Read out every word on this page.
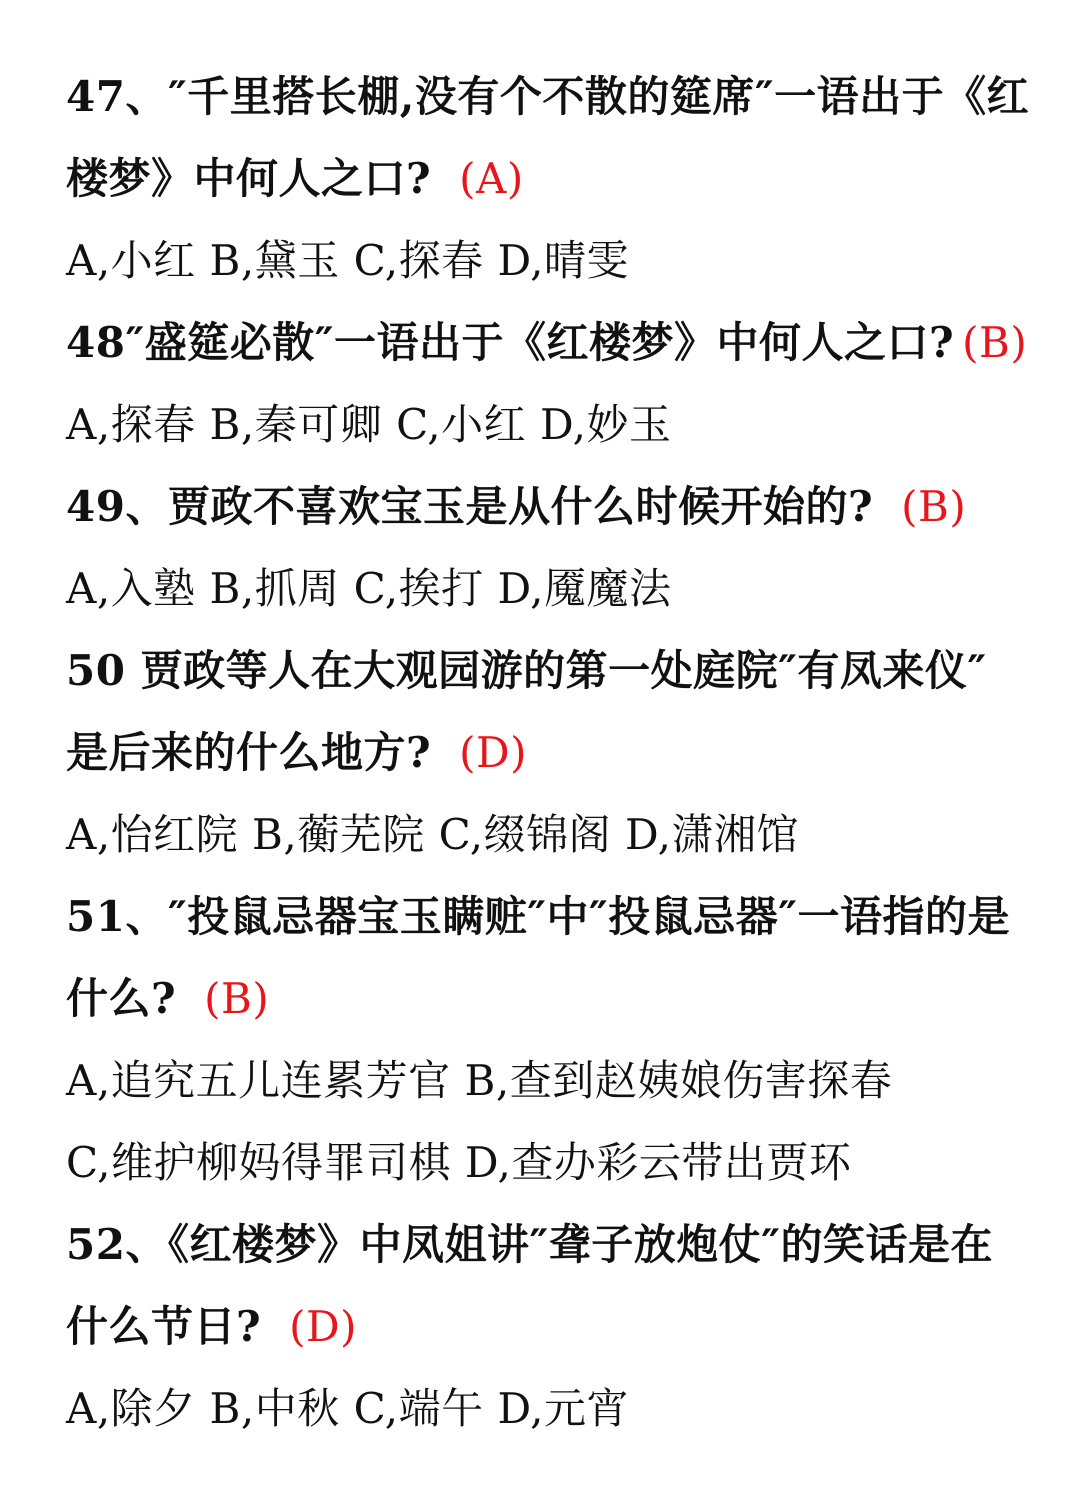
47、″千里搭长棚,没有个不散的筵席″一语出于《红
楼梦》中何人之口? (A)
A,小红 B,黛玉 C,探春 D,晴雯
48″盛筵必散″一语出于《红楼梦》中何人之口? (B)
A,探春 B,秦可卿 C,小红 D,妙玉
49、贾政不喜欢宝玉是从什么时候开始的? (B)
A,入塾 B,抓周 C,挨打 D,魇魔法
50 贾政等人在大观园游的第一处庭院″有凤来仪″
是后来的什么地方? (D)
A,怡红院 B,蘅芜院 C,缀锦阁 D,潇湘馆
51、″投鼠忌器宝玉瞒赃″中″投鼠忌器″一语指的是
什么? (B)
A,追究五儿连累芳官 B,查到赵姨娘伤害探春
C,维护柳妈得罪司棋 D,查办彩云带出贾环
52、《红楼梦》中凤姐讲″聋子放炮仗″的笑话是在
什么节日? (D)
A,除夕 B,中秋 C,端午 D,元宵
